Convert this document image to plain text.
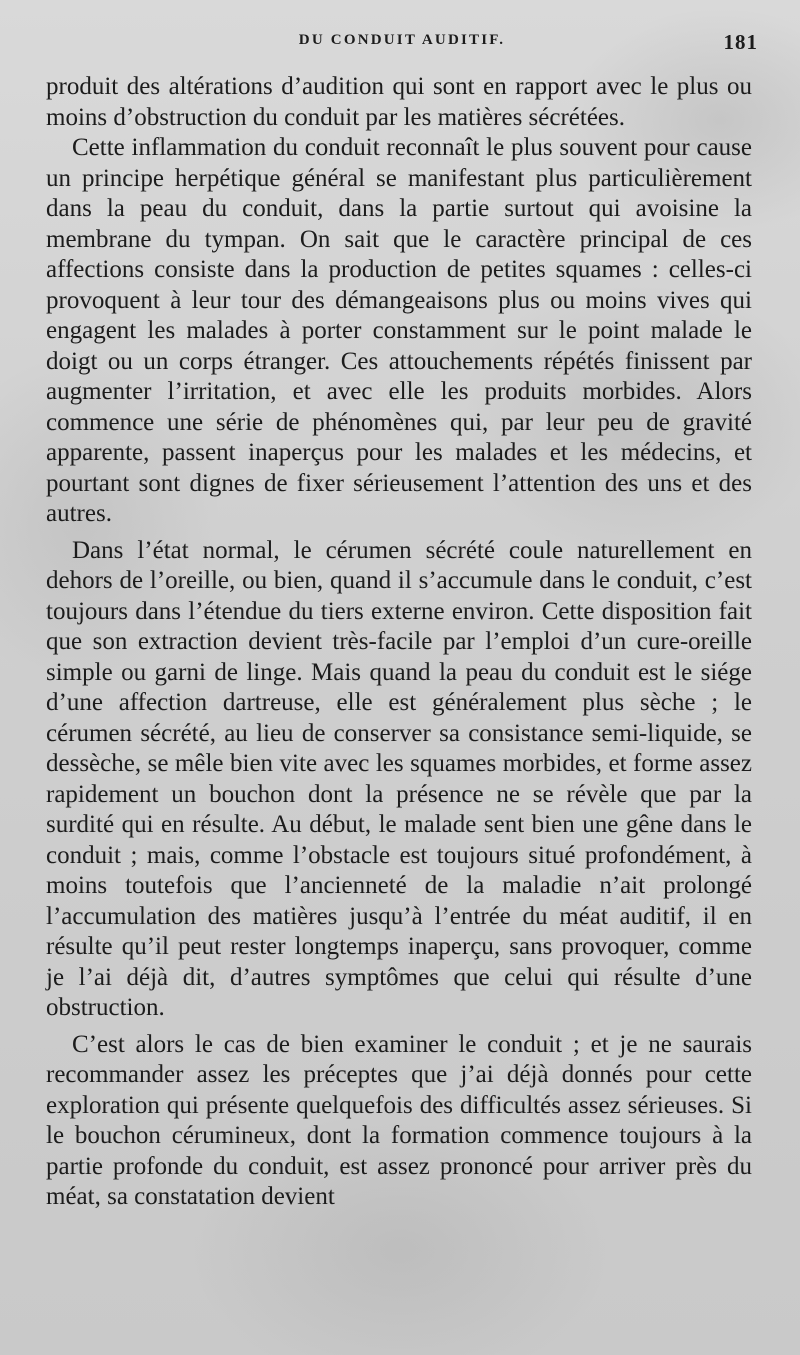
DU CONDUIT AUDITIF.	181

produit des altérations d’audition qui sont en rapport avec le plus ou moins d’obstruction du conduit par les matières sécrétées.

Cette inflammation du conduit reconnaît le plus souvent pour cause un principe herpétique général se manifestant plus particulièrement dans la peau du conduit, dans la partie surtout qui avoisine la membrane du tympan. On sait que le caractère principal de ces affections consiste dans la production de petites squames : celles-ci provoquent à leur tour des démangeaisons plus ou moins vives qui engagent les malades à porter constamment sur le point malade le doigt ou un corps étranger. Ces attouchements répétés finissent par augmenter l’irritation, et avec elle les produits morbides. Alors commence une série de phénomènes qui, par leur peu de gravité apparente, passent inaperçus pour les malades et les médecins, et pourtant sont dignes de fixer sérieusement l’attention des uns et des autres.

Dans l’état normal, le cérumen sécrété coule naturellement en dehors de l’oreille, ou bien, quand il s’accumule dans le conduit, c’est toujours dans l’étendue du tiers externe environ. Cette disposition fait que son extraction devient très-facile par l’emploi d’un cure-oreille simple ou garni de linge. Mais quand la peau du conduit est le siége d’une affection dartreuse, elle est généralement plus sèche ; le cérumen sécrété, au lieu de conserver sa consistance semi-liquide, se dessèche, se mêle bien vite avec les squames morbides, et forme assez rapidement un bouchon dont la présence ne se révèle que par la surdité qui en résulte. Au début, le malade sent bien une gêne dans le conduit ; mais, comme l’obstacle est toujours situé profondément, à moins toutefois que l’ancienneté de la maladie n’ait prolongé l’accumulation des matières jusqu’à l’entrée du méat auditif, il en résulte qu’il peut rester longtemps inaperçu, sans provoquer, comme je l’ai déjà dit, d’autres symptômes que celui qui résulte d’une obstruction.

C’est alors le cas de bien examiner le conduit ; et je ne saurais recommander assez les préceptes que j’ai déjà donnés pour cette exploration qui présente quelquefois des difficultés assez sérieuses. Si le bouchon cérumineux, dont la formation commence toujours à la partie profonde du conduit, est assez prononcé pour arriver près du méat, sa constatation devient
